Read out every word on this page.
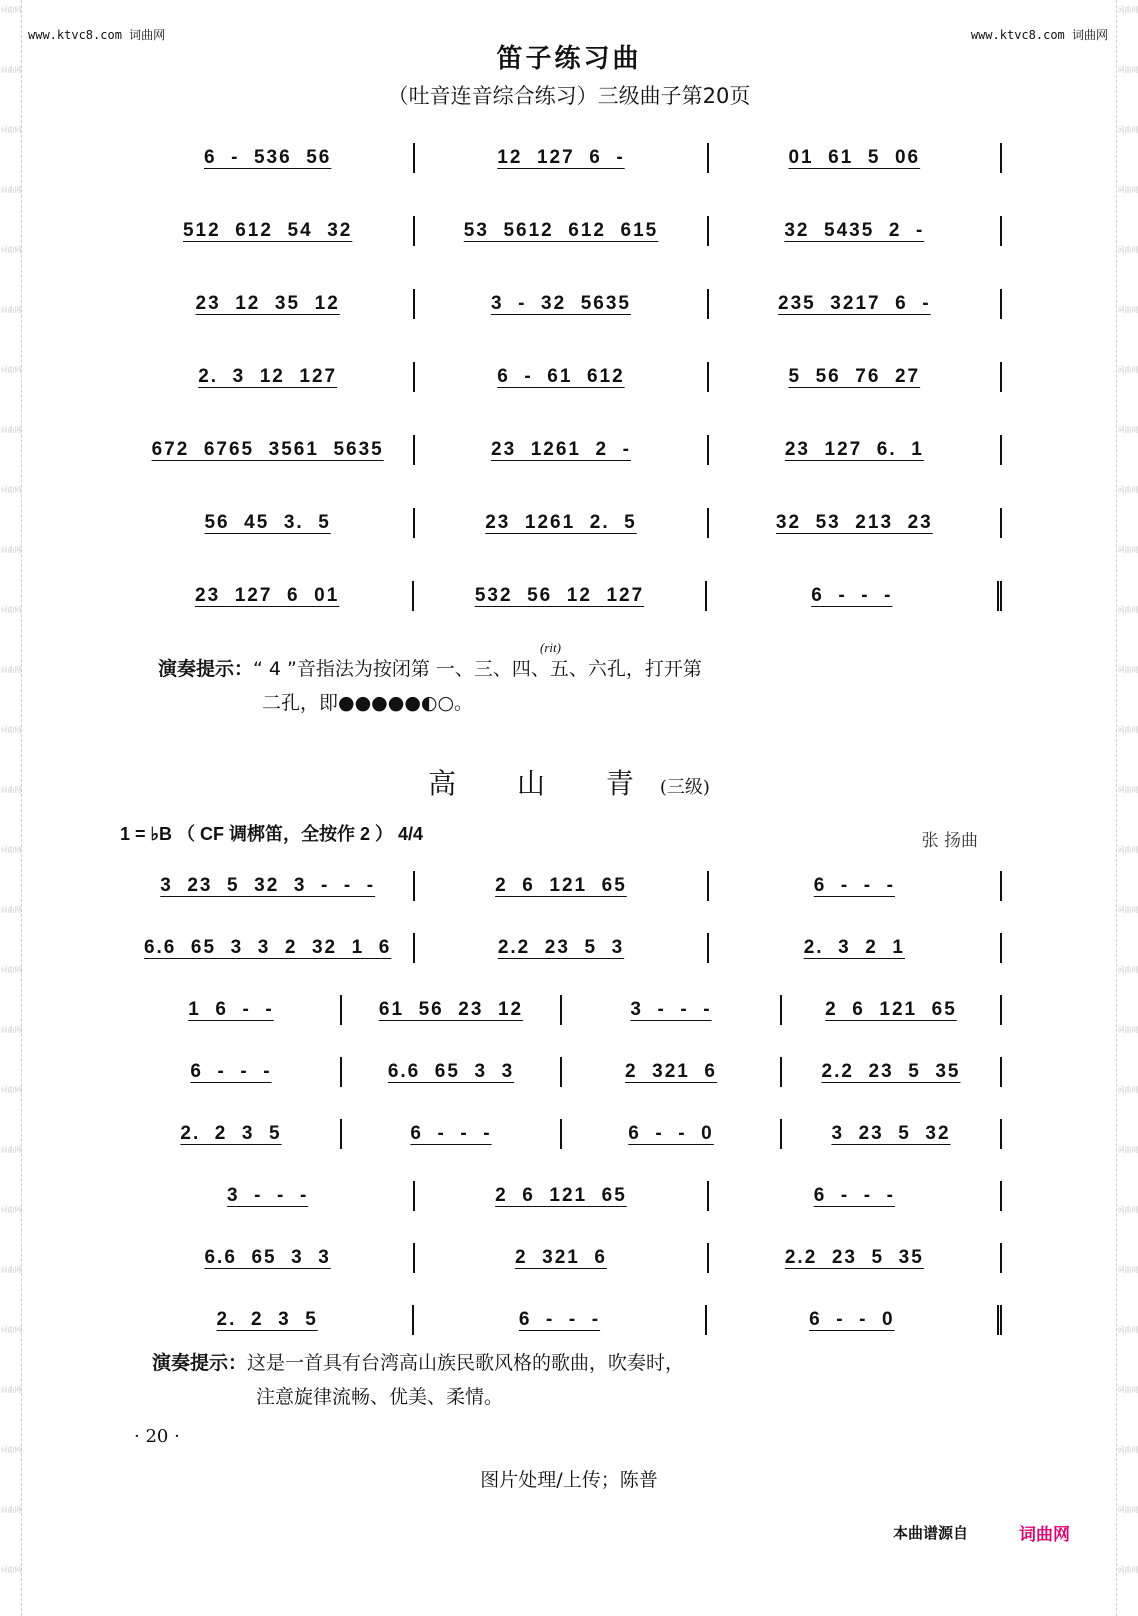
词曲网
词曲网
词曲网
词曲网
词曲网
词曲网
词曲网
词曲网
词曲网
词曲网
词曲网
词曲网
词曲网
词曲网
词曲网
词曲网
词曲网
词曲网
词曲网
词曲网
词曲网
词曲网
词曲网
词曲网
词曲网
词曲网
词曲网
词曲网
词曲网
词曲网
词曲网
词曲网
词曲网
词曲网
词曲网
词曲网
词曲网
词曲网
词曲网
词曲网
词曲网
词曲网
词曲网
词曲网
词曲网
词曲网
词曲网
词曲网
词曲网
词曲网
词曲网
词曲网
词曲网
词曲网
www.ktvc8.com 词曲网	www.ktvc8.com 词曲网
笛子练习曲
（吐音连音综合练习）三级曲子第20页
6  -  536  56	12  127  6  -	01  61  5  06
512  612  54  32	53  5612  612  615	32  5435  2  -
23  12  35  12	3  -  32  5635	235  3217  6  -
2.  3  12  127	6  -  61  612	5  56  76  27
672  6765  3561  5635	23  1261  2  -	23  127  6.  1
56  45  3.  5	23  1261  2.  5	32  53  213  23
23  127  6  01	532  56  12  127	6  -  -  -
演奏提示：“ 4 ”音指法为按闭第 一、三、四、五、六孔，打开第
二孔，即●●●●●◐○。
高 山 青(三级)
1 = ♭B （ CF 调梆笛，全按作 2 ） 4/4	张 扬曲
3  23  5  32  3  -  -  -	2  6  121  65	6  -  -  -
6.6  65  3  3  2  32  1  6	2.2  23  5  3	2.  3  2  1
1  6  -  -	61  56  23  12	3  -  -  -	2  6  121  65
6  -  -  -	6.6  65  3  3	2  321  6	2.2  23  5  35
2.  2  3  5	6  -  -  -	6  -  -  0	3  23  5  32
3  -  -  -	2  6  121  65	6  -  -  -
6.6  65  3  3	2  321  6	2.2  23  5  35
2.  2  3  5	6  -  -  -	6  -  -  0
演奏提示：这是一首具有台湾高山族民歌风格的歌曲，吹奏时，
注意旋律流畅、优美、柔情。
· 20 ·
图片处理/上传；陈普
本曲谱源自	词曲网
(rit)
